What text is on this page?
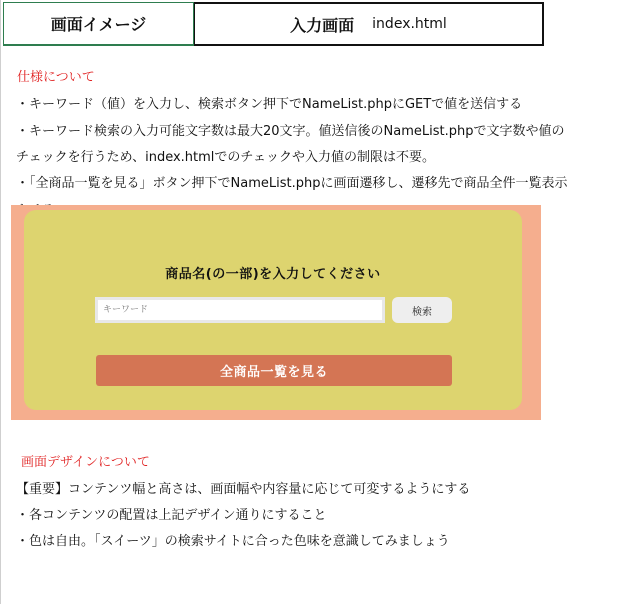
画面イメージ	入力画面 index.html
仕様について
・キーワード（値）を入力し、検索ボタン押下でNameList.phpにGETで値を送信する
・キーワード検索の入力可能文字数は最大20文字。値送信後のNameList.phpで文字数や値の
チェックを行うため、index.htmlでのチェックや入力値の制限は不要。
・「全商品一覧を見る」ボタン押下でNameList.phpに画面遷移し、遷移先で商品全件一覧表示
商品名(の一部)を入力してください
キーワード
検索
全商品一覧を見る
画面デザインについて
【重要】コンテンツ幅と高さは、画面幅や内容量に応じて可変するようにする
・各コンテンツの配置は上記デザイン通りにすること
・色は自由。「スイーツ」の検索サイトに合った色味を意識してみましょう
